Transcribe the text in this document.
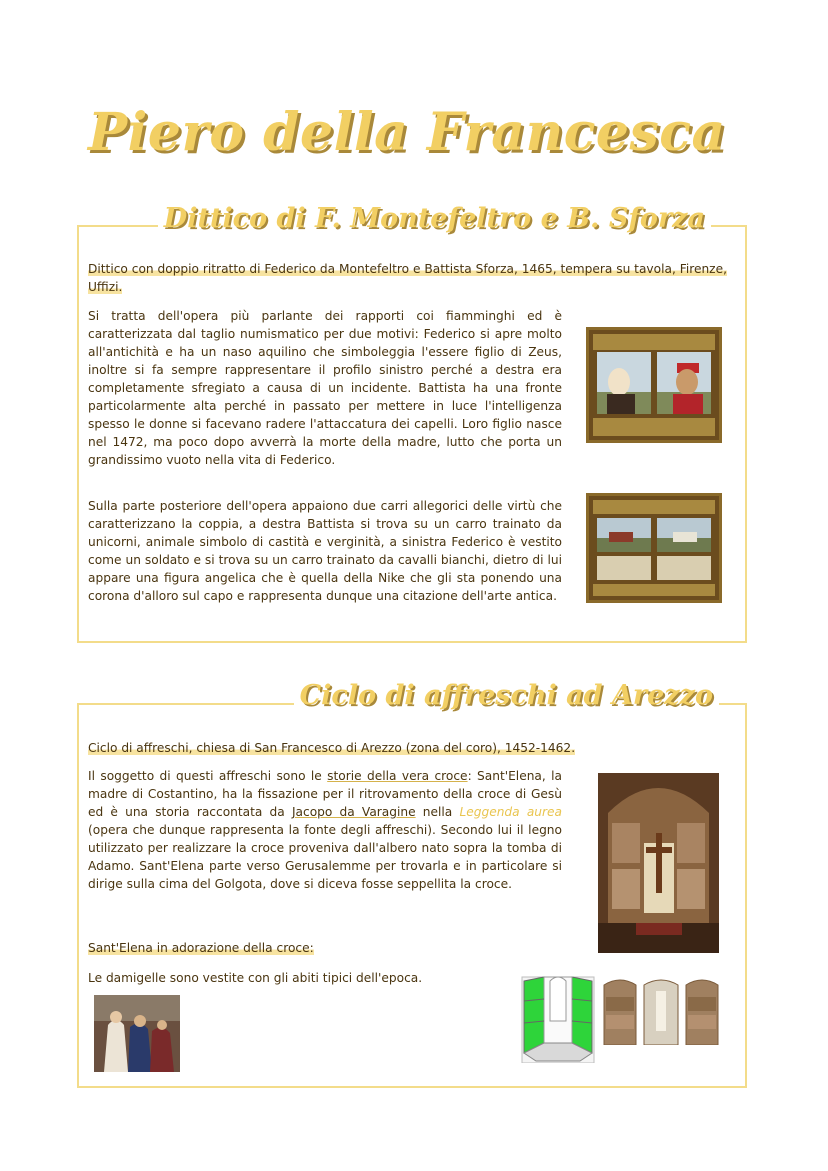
Piero della Francesca
Dittico di F. Montefeltro e B. Sforza
Dittico con doppio ritratto di Federico da Montefeltro e Battista Sforza, 1465, tempera su tavola, Firenze, Uffizi.
Si tratta dell'opera più parlante dei rapporti coi fiamminghi ed è caratterizzata dal taglio numismatico per due motivi: Federico si apre molto all'antichità e ha un naso aquilino che simboleggia l'essere figlio di Zeus, inoltre si fa sempre rappresentare il profilo sinistro perché a destra era completamente sfregiato a causa di un incidente. Battista ha una fronte particolarmente alta perché in passato per mettere in luce l'intelligenza spesso le donne si facevano radere l'attaccatura dei capelli. Loro figlio nasce nel 1472, ma poco dopo avverrà la morte della madre, lutto che porta un grandissimo vuoto nella vita di Federico.
Sulla parte posteriore dell'opera appaiono due carri allegorici delle virtù che caratterizzano la coppia, a destra Battista si trova su un carro trainato da unicorni, animale simbolo di castità e verginità, a sinistra Federico è vestito come un soldato e si trova su un carro trainato da cavalli bianchi, dietro di lui appare una figura angelica che è quella della Nike che gli sta ponendo una corona d'alloro sul capo e rappresenta dunque una citazione dell'arte antica.
Ciclo di affreschi ad Arezzo
Ciclo di affreschi, chiesa di San Francesco di Arezzo (zona del coro), 1452-1462.
Il soggetto di questi affreschi sono le storie della vera croce: Sant'Elena, la madre di Costantino, ha la fissazione per il ritrovamento della croce di Gesù ed è una storia raccontata da Jacopo da Varagine nella Leggenda aurea (opera che dunque rappresenta la fonte degli affreschi). Secondo lui il legno utilizzato per realizzare la croce proveniva dall'albero nato sopra la tomba di Adamo. Sant'Elena parte verso Gerusalemme per trovarla e in particolare si dirige sulla cima del Golgota, dove si diceva fosse seppellita la croce.
Sant'Elena in adorazione della croce:
Le damigelle sono vestite con gli abiti tipici dell'epoca.
